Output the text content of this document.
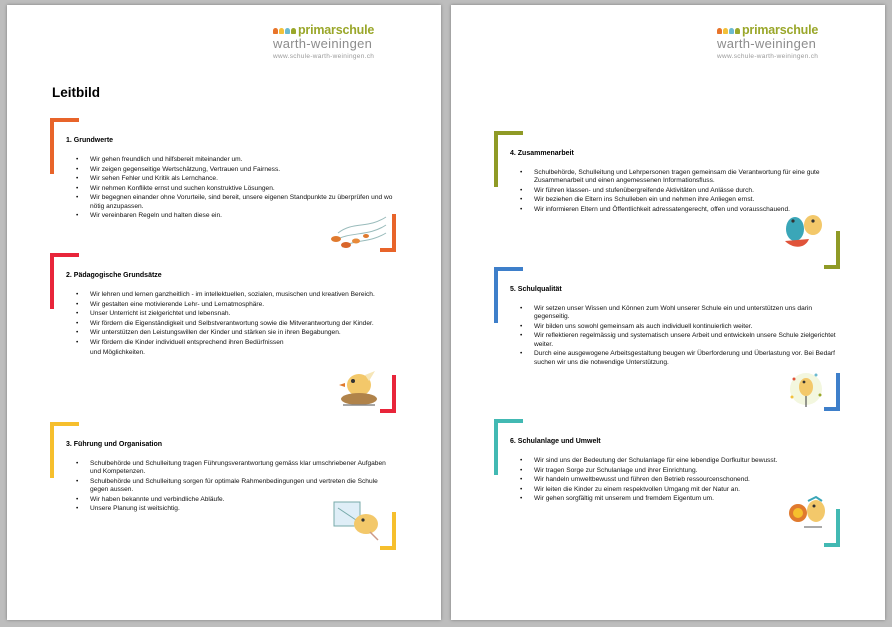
primarschule
warth-weiningen
www.schule-warth-weiningen.ch
Leitbild
1. Grundwerte
• Wir gehen freundlich und hilfsbereit miteinander um.
• Wir zeigen gegenseitige Wertschätzung, Vertrauen und Fairness.
• Wir sehen Fehler und Kritik als Lernchance.
• Wir nehmen Konflikte ernst und suchen konstruktive Lösungen.
• Wir begegnen einander ohne Vorurteile, sind bereit, unsere eigenen Standpunkte zu überprüfen und wo nötig anzupassen.
• Wir vereinbaren Regeln und halten diese ein.
2. Pädagogische Grundsätze
• Wir lehren und lernen ganzheitlich - im intellektuellen, sozialen, musischen und kreativen Bereich.
• Wir gestalten eine motivierende Lehr- und Lernatmosphäre.
• Unser Unterricht ist zielgerichtet und lebensnah.
• Wir fördern die Eigenständigkeit und Selbstverantwortung sowie die Mitverantwortung der Kinder.
• Wir unterstützen den Leistungswillen der Kinder und stärken sie in ihren Begabungen.
• Wir fördern die Kinder individuell entsprechend ihren Bedürfnissen
und Möglichkeiten.
3. Führung und Organisation
• Schulbehörde und Schulleitung tragen Führungsverantwortung gemäss klar umschriebener Aufgaben und Kompetenzen.
• Schulbehörde und Schulleitung sorgen für optimale Rahmenbedingungen und vertreten die Schule gegen aussen.
• Wir haben bekannte und verbindliche Abläufe.
• Unsere Planung ist weitsichtig.
primarschule
warth-weiningen
www.schule-warth-weiningen.ch
4. Zusammenarbeit
• Schulbehörde, Schulleitung und Lehrpersonen tragen gemeinsam die Verantwortung für eine gute Zusammenarbeit und einen angemessenen Informationsfluss.
• Wir führen klassen- und stufenübergreifende Aktivitäten und Anlässe durch.
• Wir beziehen die Eltern ins Schulleben ein und nehmen ihre Anliegen ernst.
• Wir informieren Eltern und Öffentlichkeit adressatengerecht, offen und vorausschauend.
5. Schulqualität
• Wir setzen unser Wissen und Können zum Wohl unserer Schule ein und unterstützen uns darin gegenseitig.
• Wir bilden uns sowohl gemeinsam als auch individuell kontinuierlich weiter.
• Wir reflektieren regelmässig und systematisch unsere Arbeit und entwickeln unsere Schule zielgerichtet weiter.
• Durch eine ausgewogene Arbeitsgestaltung beugen wir Überforderung und Überlastung vor. Bei Bedarf suchen wir uns die notwendige Unterstützung.
6. Schulanlage und Umwelt
• Wir sind uns der Bedeutung der Schulanlage für eine lebendige Dorfkultur bewusst.
• Wir tragen Sorge zur Schulanlage und ihrer Einrichtung.
• Wir handeln umweltbewusst und führen den Betrieb ressourcenschonend.
• Wir leiten die Kinder zu einem respektvollen Umgang mit der Natur an.
• Wir gehen sorgfältig mit unserem und fremdem Eigentum um.
